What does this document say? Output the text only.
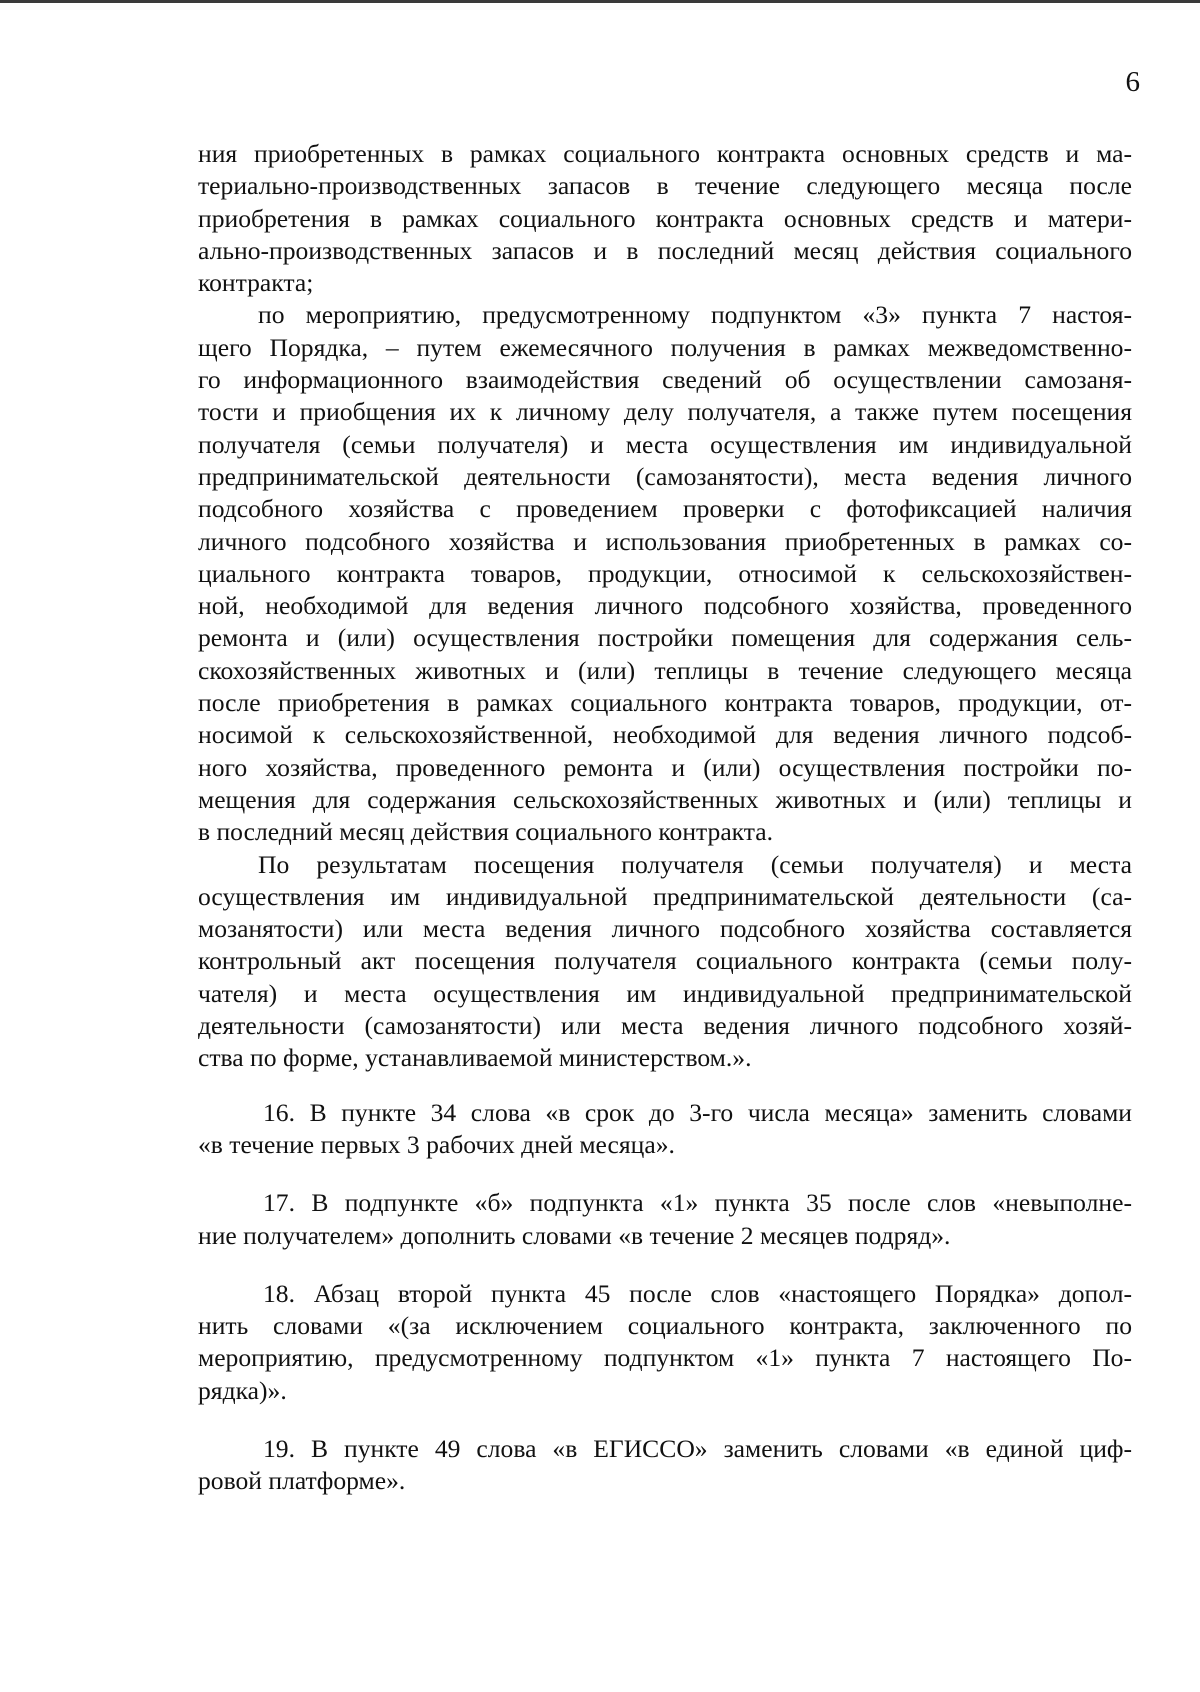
6
ния приобретенных в рамках социального контракта основных средств и ма-
териально-производственных запасов в течение следующего месяца после
приобретения в рамках социального контракта основных средств и матери-
ально-производственных запасов и в последний месяц действия социального
контракта;
по мероприятию, предусмотренному подпунктом «3» пункта 7 настоя-
щего Порядка, – путем ежемесячного получения в рамках межведомственно-
го информационного взаимодействия сведений об осуществлении самозаня-
тости и приобщения их к личному делу получателя, а также путем посещения
получателя (семьи получателя) и места осуществления им индивидуальной
предпринимательской деятельности (самозанятости), места ведения личного
подсобного хозяйства с проведением проверки с фотофиксацией наличия
личного подсобного хозяйства и использования приобретенных в рамках со-
циального контракта товаров, продукции, относимой к сельскохозяйствен-
ной, необходимой для ведения личного подсобного хозяйства, проведенного
ремонта и (или) осуществления постройки помещения для содержания сель-
скохозяйственных животных и (или) теплицы в течение следующего месяца
после приобретения в рамках социального контракта товаров, продукции, от-
носимой к сельскохозяйственной, необходимой для ведения личного подсоб-
ного хозяйства, проведенного ремонта и (или) осуществления постройки по-
мещения для содержания сельскохозяйственных животных и (или) теплицы и
в последний месяц действия социального контракта.
По результатам посещения получателя (семьи получателя) и места
осуществления им индивидуальной предпринимательской деятельности (са-
мозанятости) или места ведения личного подсобного хозяйства составляется
контрольный акт посещения получателя социального контракта (семьи полу-
чателя) и места осуществления им индивидуальной предпринимательской
деятельности (самозанятости) или места ведения личного подсобного хозяй-
ства по форме, устанавливаемой министерством.».
16. В пункте 34 слова «в срок до 3-го числа месяца» заменить словами
«в течение первых 3 рабочих дней месяца».
17. В подпункте «б» подпункта «1» пункта 35 после слов «невыполне-
ние получателем» дополнить словами «в течение 2 месяцев подряд».
18. Абзац второй пункта 45 после слов «настоящего Порядка» допол-
нить словами «(за исключением социального контракта, заключенного по
мероприятию, предусмотренному подпунктом «1» пункта 7 настоящего По-
рядка)».
19. В пункте 49 слова «в ЕГИССО» заменить словами «в единой циф-
ровой платформе».
